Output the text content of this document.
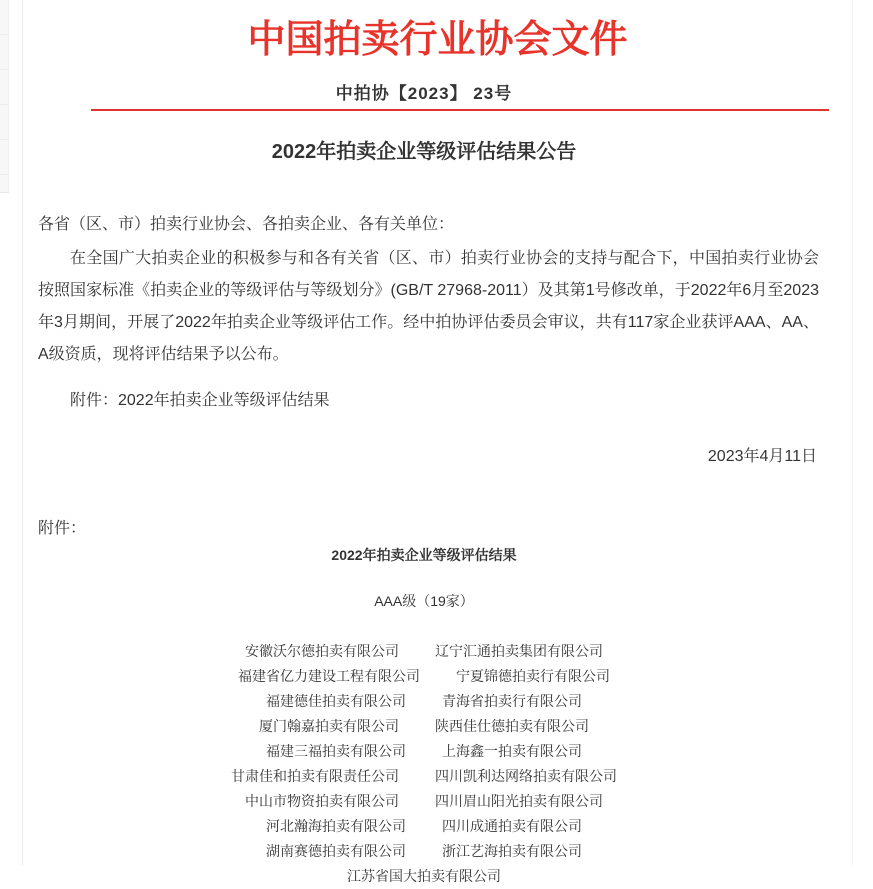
中国拍卖行业协会文件
中拍协【2023】 23号
2022年拍卖企业等级评估结果公告
各省（区、市）拍卖行业协会、各拍卖企业、各有关单位：

在全国广大拍卖企业的积极参与和各有关省（区、市）拍卖行业协会的支持与配合下，中国拍卖行业协会按照国家标准《拍卖企业的等级评估与等级划分》(GB/T 27968-2011）及其第1号修改单，于2022年6月至2023年3月期间，开展了2022年拍卖企业等级评估工作。经中拍协评估委员会审议，共有117家企业获评AAA、AA、A级资质，现将评估结果予以公布。

附件：2022年拍卖企业等级评估结果
2023年4月11日
附件：
2022年拍卖企业等级评估结果
AAA级（19家）
安徽沃尔德拍卖有限公司	辽宁汇通拍卖集团有限公司
福建省亿力建设工程有限公司	宁夏锦德拍卖行有限公司
福建德佳拍卖有限公司	青海省拍卖行有限公司
厦门翰嘉拍卖有限公司	陕西佳仕德拍卖有限公司
福建三福拍卖有限公司	上海鑫一拍卖有限公司
甘肃佳和拍卖有限责任公司	四川凯利达网络拍卖有限公司
中山市物资拍卖有限公司	四川眉山阳光拍卖有限公司
河北瀚海拍卖有限公司	四川成通拍卖有限公司
湖南赛德拍卖有限公司	浙江艺海拍卖有限公司
江苏省国大拍卖有限公司
